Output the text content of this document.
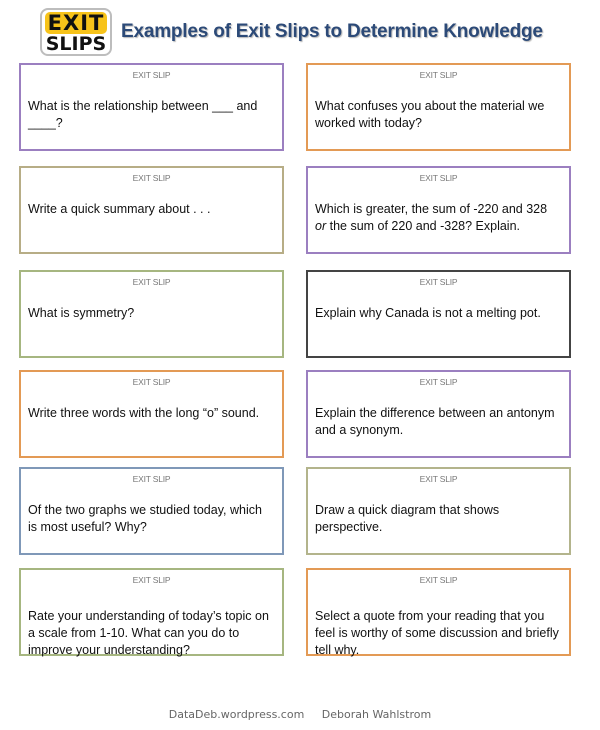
EXIT
SLIPS
Examples of Exit Slips to Determine Knowledge
EXIT SLIP
What is the relationship between ___ and ____?
EXIT SLIP
What confuses you about the material we worked with today?
EXIT SLIP
Write a quick summary about . . .
EXIT SLIP
Which is greater, the sum of -220 and 328
or the sum of 220 and -328? Explain.
EXIT SLIP
What is symmetry?
EXIT SLIP
Explain why Canada is not a melting pot.
EXIT SLIP
Write three words with the long “o” sound.
EXIT SLIP
Explain the difference between an antonym and a synonym.
EXIT SLIP
Of the two graphs we studied today, which is most useful? Why?
EXIT SLIP
Draw a quick diagram that shows perspective.
EXIT SLIP
Rate your understanding of today’s topic on a scale from 1-10. What can you do to improve your understanding?
EXIT SLIP
Select a quote from your reading that you feel is worthy of some discussion and briefly tell why.
DataDeb.wordpress.com Deborah Wahlstrom
